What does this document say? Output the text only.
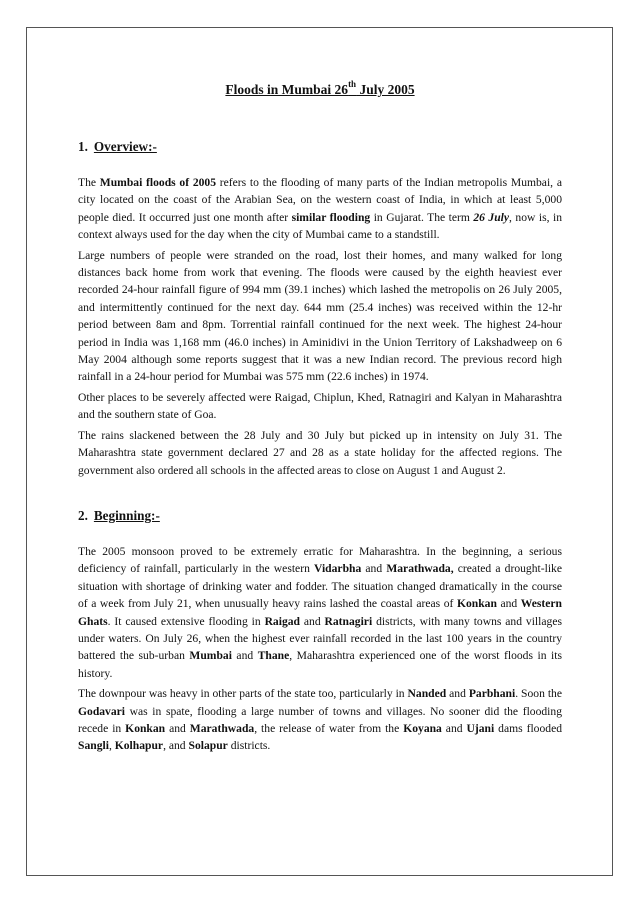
Floods in Mumbai 26th July 2005
1. Overview:-

The Mumbai floods of 2005 refers to the flooding of many parts of the Indian metropolis Mumbai, a city located on the coast of the Arabian Sea, on the western coast of India, in which at least 5,000 people died. It occurred just one month after similar flooding in Gujarat. The term 26 July, now is, in context always used for the day when the city of Mumbai came to a standstill.

Large numbers of people were stranded on the road, lost their homes, and many walked for long distances back home from work that evening. The floods were caused by the eighth heaviest ever recorded 24-hour rainfall figure of 994 mm (39.1 inches) which lashed the metropolis on 26 July 2005, and intermittently continued for the next day. 644 mm (25.4 inches) was received within the 12-hr period between 8am and 8pm. Torrential rainfall continued for the next week. The highest 24-hour period in India was 1,168 mm (46.0 inches) in Aminidivi in the Union Territory of Lakshadweep on 6 May 2004 although some reports suggest that it was a new Indian record. The previous record high rainfall in a 24-hour period for Mumbai was 575 mm (22.6 inches) in 1974.

Other places to be severely affected were Raigad, Chiplun, Khed, Ratnagiri and Kalyan in Maharashtra and the southern state of Goa.

The rains slackened between the 28 July and 30 July but picked up in intensity on July 31. The Maharashtra state government declared 27 and 28 as a state holiday for the affected regions. The government also ordered all schools in the affected areas to close on August 1 and August 2.

2. Beginning:-

The 2005 monsoon proved to be extremely erratic for Maharashtra. In the beginning, a serious deficiency of rainfall, particularly in the western Vidarbha and Marathwada, created a drought-like situation with shortage of drinking water and fodder. The situation changed dramatically in the course of a week from July 21, when unusually heavy rains lashed the coastal areas of Konkan and Western Ghats. It caused extensive flooding in Raigad and Ratnagiri districts, with many towns and villages under waters. On July 26, when the highest ever rainfall recorded in the last 100 years in the country battered the sub-urban Mumbai and Thane, Maharashtra experienced one of the worst floods in its history.

The downpour was heavy in other parts of the state too, particularly in Nanded and Parbhani. Soon the Godavari was in spate, flooding a large number of towns and villages. No sooner did the flooding recede in Konkan and Marathwada, the release of water from the Koyana and Ujani dams flooded Sangli, Kolhapur, and Solapur districts.
